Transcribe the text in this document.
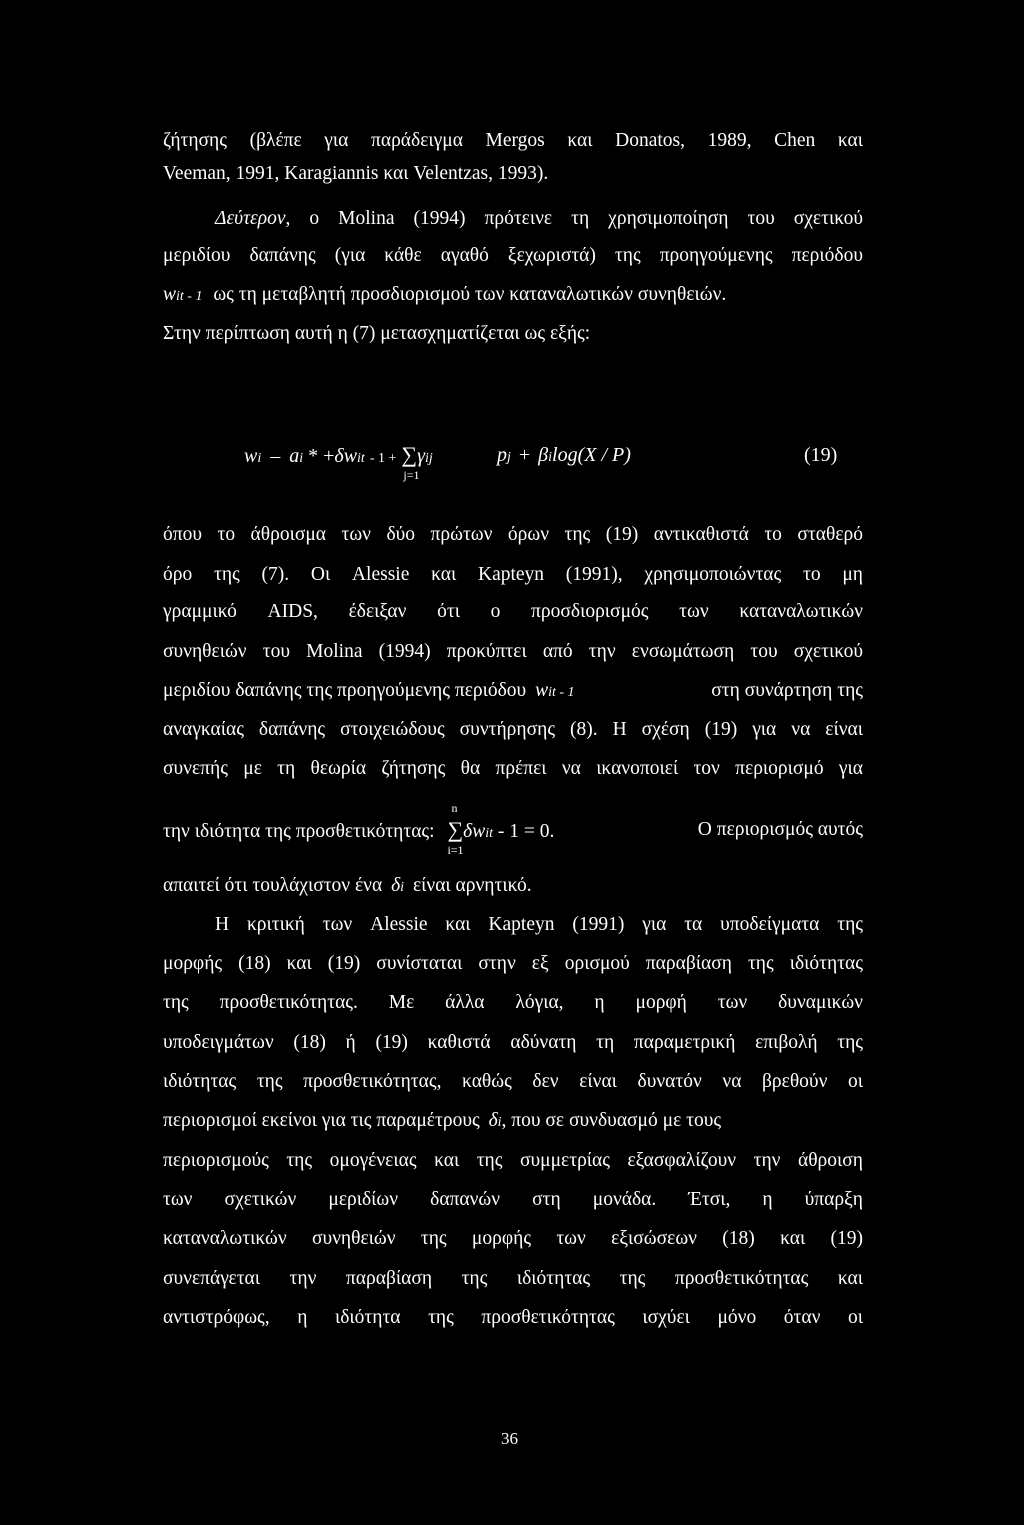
ζήτησης (βλέπε για παράδειγμα Mergos και Donatos, 1989, Chen και
Veeman, 1991, Karagiannis και Velentzas, 1993).
Δεύτερον, ο Molina (1994) πρότεινε τη χρησιμοποίηση του σχετικού
μεριδίου δαπάνης (για κάθε αγαθό ξεχωριστά) της προηγούμενης περιόδου
wit - 1 ως τη μεταβλητή προσδιορισμού των καταναλωτικών συνηθειών.
Στην περίπτωση αυτή η (7) μετασχηματίζεται ως εξής:
wi – ai * +δwit - 1 + ∑
j=1
γij	pj + βilog(X / P)	(19)
όπου το άθροισμα των δύο πρώτων όρων της (19) αντικαθιστά το σταθερό
όρο της (7). Οι Alessie και Kapteyn (1991), χρησιμοποιώντας το μη
γραμμικό AIDS, έδειξαν ότι ο προσδιορισμός των καταναλωτικών
συνηθειών του Molina (1994) προκύπτει από την ενσωμάτωση του σχετικού
μεριδίου δαπάνης της προηγούμενης περιόδου wit - 1	στη συνάρτηση της
αναγκαίας δαπάνης στοιχειώδους συντήρησης (8). Η σχέση (19) για να είναι
συνεπής με τη θεωρία ζήτησης θα πρέπει να ικανοποιεί τον περιορισμό για
την ιδιότητα της προσθετικότητας:
n
∑
i=1
δwit - 1 = 0.	Ο περιορισμός αυτός
απαιτεί ότι τουλάχιστον ένα δi είναι αρνητικό.
Η κριτική των Alessie και Kapteyn (1991) για τα υποδείγματα της
μορφής (18) και (19) συνίσταται στην εξ ορισμού παραβίαση της ιδιότητας
της προσθετικότητας. Με άλλα λόγια, η μορφή των δυναμικών
υποδειγμάτων (18) ή (19) καθιστά αδύνατη τη παραμετρική επιβολή της
ιδιότητας της προσθετικότητας, καθώς δεν είναι δυνατόν να βρεθούν οι
περιορισμοί εκείνοι για τις παραμέτρους δi, που σε συνδυασμό με τους
περιορισμούς της ομογένειας και της συμμετρίας εξασφαλίζουν την άθροιση
των σχετικών μεριδίων δαπανών στη μονάδα. Έτσι, η ύπαρξη
καταναλωτικών συνηθειών της μορφής των εξισώσεων (18) και (19)
συνεπάγεται την παραβίαση της ιδιότητας της προσθετικότητας και
αντιστρόφως, η ιδιότητα της προσθετικότητας ισχύει μόνο όταν οι
36
